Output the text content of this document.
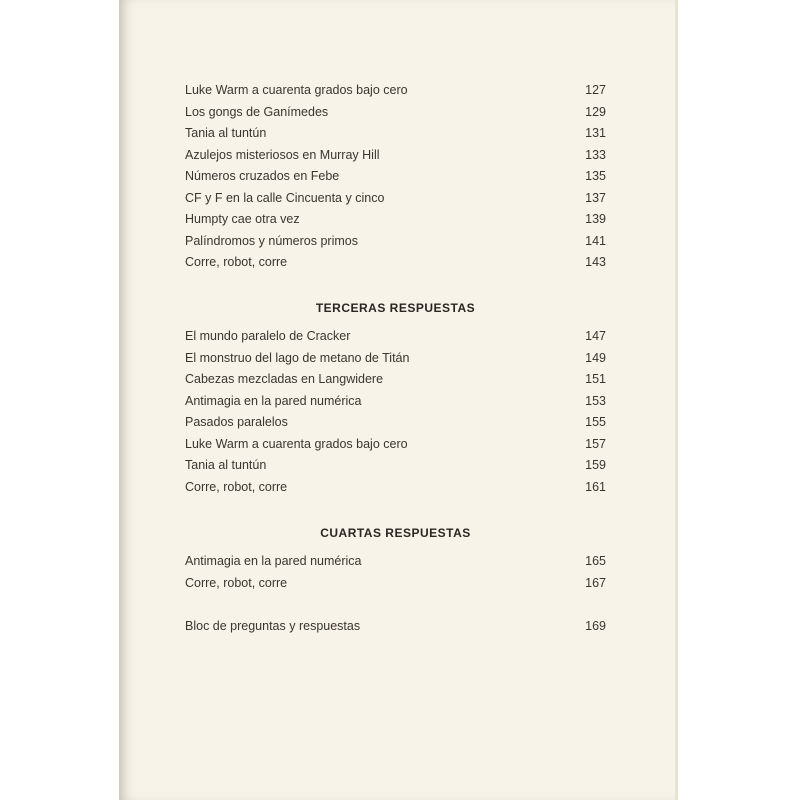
Luke Warm a cuarenta grados bajo cero	127
Los gongs de Ganímedes	129
Tania al tuntún	131
Azulejos misteriosos en Murray Hill	133
Números cruzados en Febe	135
CF y F en la calle Cincuenta y cinco	137
Humpty cae otra vez	139
Palíndromos y números primos	141
Corre, robot, corre	143
TERCERAS RESPUESTAS
El mundo paralelo de Cracker	147
El monstruo del lago de metano de Titán	149
Cabezas mezcladas en Langwidere	151
Antimagia en la pared numérica	153
Pasados paralelos	155
Luke Warm a cuarenta grados bajo cero	157
Tania al tuntún	159
Corre, robot, corre	161
CUARTAS RESPUESTAS
Antimagia en la pared numérica	165
Corre, robot, corre	167
Bloc de preguntas y respuestas	169
